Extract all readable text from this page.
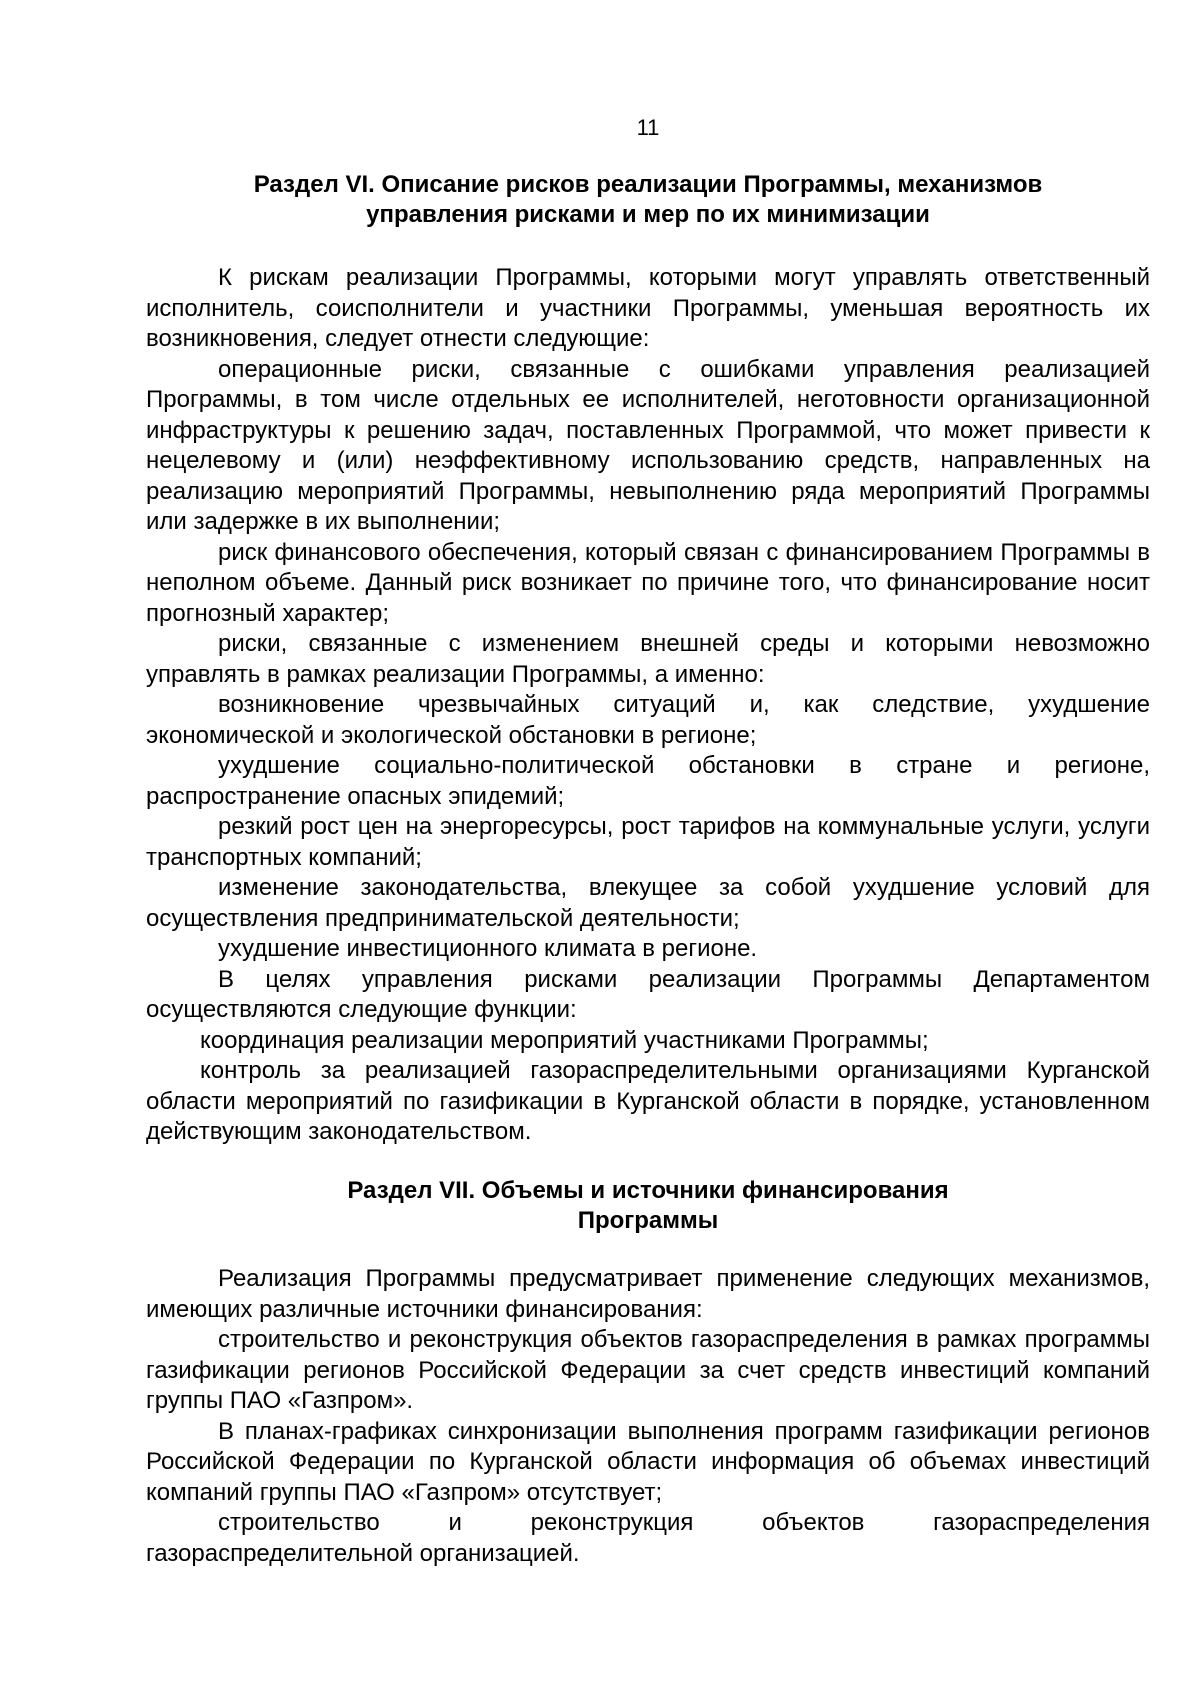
11
Раздел VI. Описание рисков реализации Программы, механизмов
управления рисками и мер по их минимизации

К рискам реализации Программы, которыми могут управлять ответственный исполнитель, соисполнители и участники Программы, уменьшая вероятность их возникновения, следует отнести следующие:

операционные риски, связанные с ошибками управления реализацией Программы, в том числе отдельных ее исполнителей, неготовности организационной инфраструктуры к решению задач, поставленных Программой, что может привести к нецелевому и (или) неэффективному использованию средств, направленных на реализацию мероприятий Программы, невыполнению ряда мероприятий Программы или задержке в их выполнении;

риск финансового обеспечения, который связан с финансированием Программы в неполном объеме. Данный риск возникает по причине того, что финансирование носит прогнозный характер;

риски, связанные с изменением внешней среды и которыми невозможно управлять в рамках реализации Программы, а именно:

возникновение чрезвычайных ситуаций и, как следствие, ухудшение экономической и экологической обстановки в регионе;

ухудшение социально-политической обстановки в стране и регионе, распространение опасных эпидемий;

резкий рост цен на энергоресурсы, рост тарифов на коммунальные услуги, услуги транспортных компаний;

изменение законодательства, влекущее за собой ухудшение условий для осуществления предпринимательской деятельности;

ухудшение инвестиционного климата в регионе.

В целях управления рисками реализации Программы Департаментом осуществляются следующие функции:

координация реализации мероприятий участниками Программы;

контроль за реализацией газораспределительными организациями Курганской области мероприятий по газификации в Курганской области в порядке, установленном действующим законодательством.

Раздел VII. Объемы и источники финансирования
Программы

Реализация Программы предусматривает применение следующих механизмов, имеющих различные источники финансирования:

строительство и реконструкция объектов газораспределения в рамках программы газификации регионов Российской Федерации за счет средств инвестиций компаний группы ПАО «Газпром».

В планах-графиках синхронизации выполнения программ газификации регионов Российской Федерации по Курганской области информация об объемах инвестиций компаний группы ПАО «Газпром» отсутствует;

строительство и реконструкция объектов газораспределения газораспределительной организацией.
